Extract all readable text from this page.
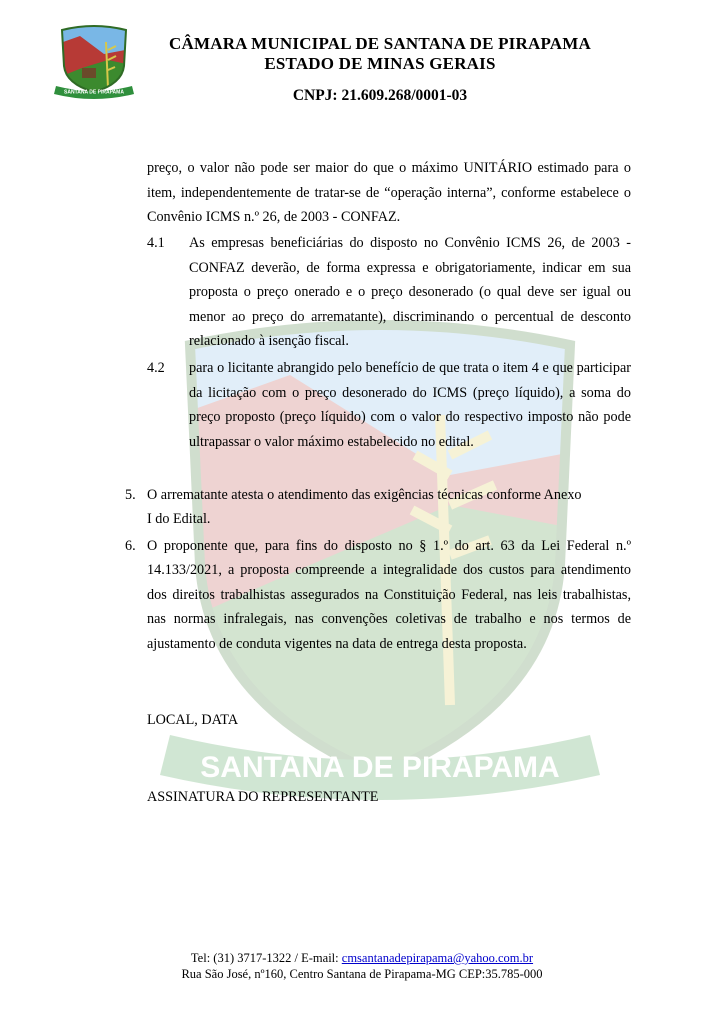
SANTANA DE PIRAPAMA
SANTANA DE PIRAPAMA
CÂMARA MUNICIPAL DE SANTANA DE PIRAPAMA
ESTADO DE MINAS GERAIS
CNPJ: 21.609.268/0001-03
preço, o valor não pode ser maior do que o máximo UNITÁRIO estimado para o item, independentemente de tratar-se de “operação interna”, conforme estabelece o Convênio ICMS n.º 26, de 2003 - CONFAZ.
4.1 As empresas beneficiárias do disposto no Convênio ICMS 26, de 2003 - CONFAZ deverão, de forma expressa e obrigatoriamente, indicar em sua proposta o preço onerado e o preço desonerado (o qual deve ser igual ou menor ao preço do arrematante), discriminando o percentual de desconto relacionado à isenção fiscal.
4.2 para o licitante abrangido pelo benefício de que trata o item 4 e que participar da licitação com o preço desonerado do ICMS (preço líquido), a soma do preço proposto (preço líquido) com o valor do respectivo imposto não pode ultrapassar o valor máximo estabelecido no edital.
5. O arrematante atesta o atendimento das exigências técnicas conforme Anexo
I do Edital.
6. O proponente que, para fins do disposto no § 1.º do art. 63 da Lei Federal n.º
14.133/2021, a proposta compreende a integralidade dos custos para atendimento dos direitos trabalhistas assegurados na Constituição Federal, nas leis trabalhistas, nas normas infralegais, nas convenções coletivas de trabalho e nos termos de ajustamento de conduta vigentes na data de entrega desta proposta.
LOCAL, DATA
ASSINATURA DO REPRESENTANTE
Tel: (31) 3717-1322 / E-mail: cmsantanadepirapama@yahoo.com.br
Rua São José, nº160, Centro Santana de Pirapama-MG CEP:35.785-000
